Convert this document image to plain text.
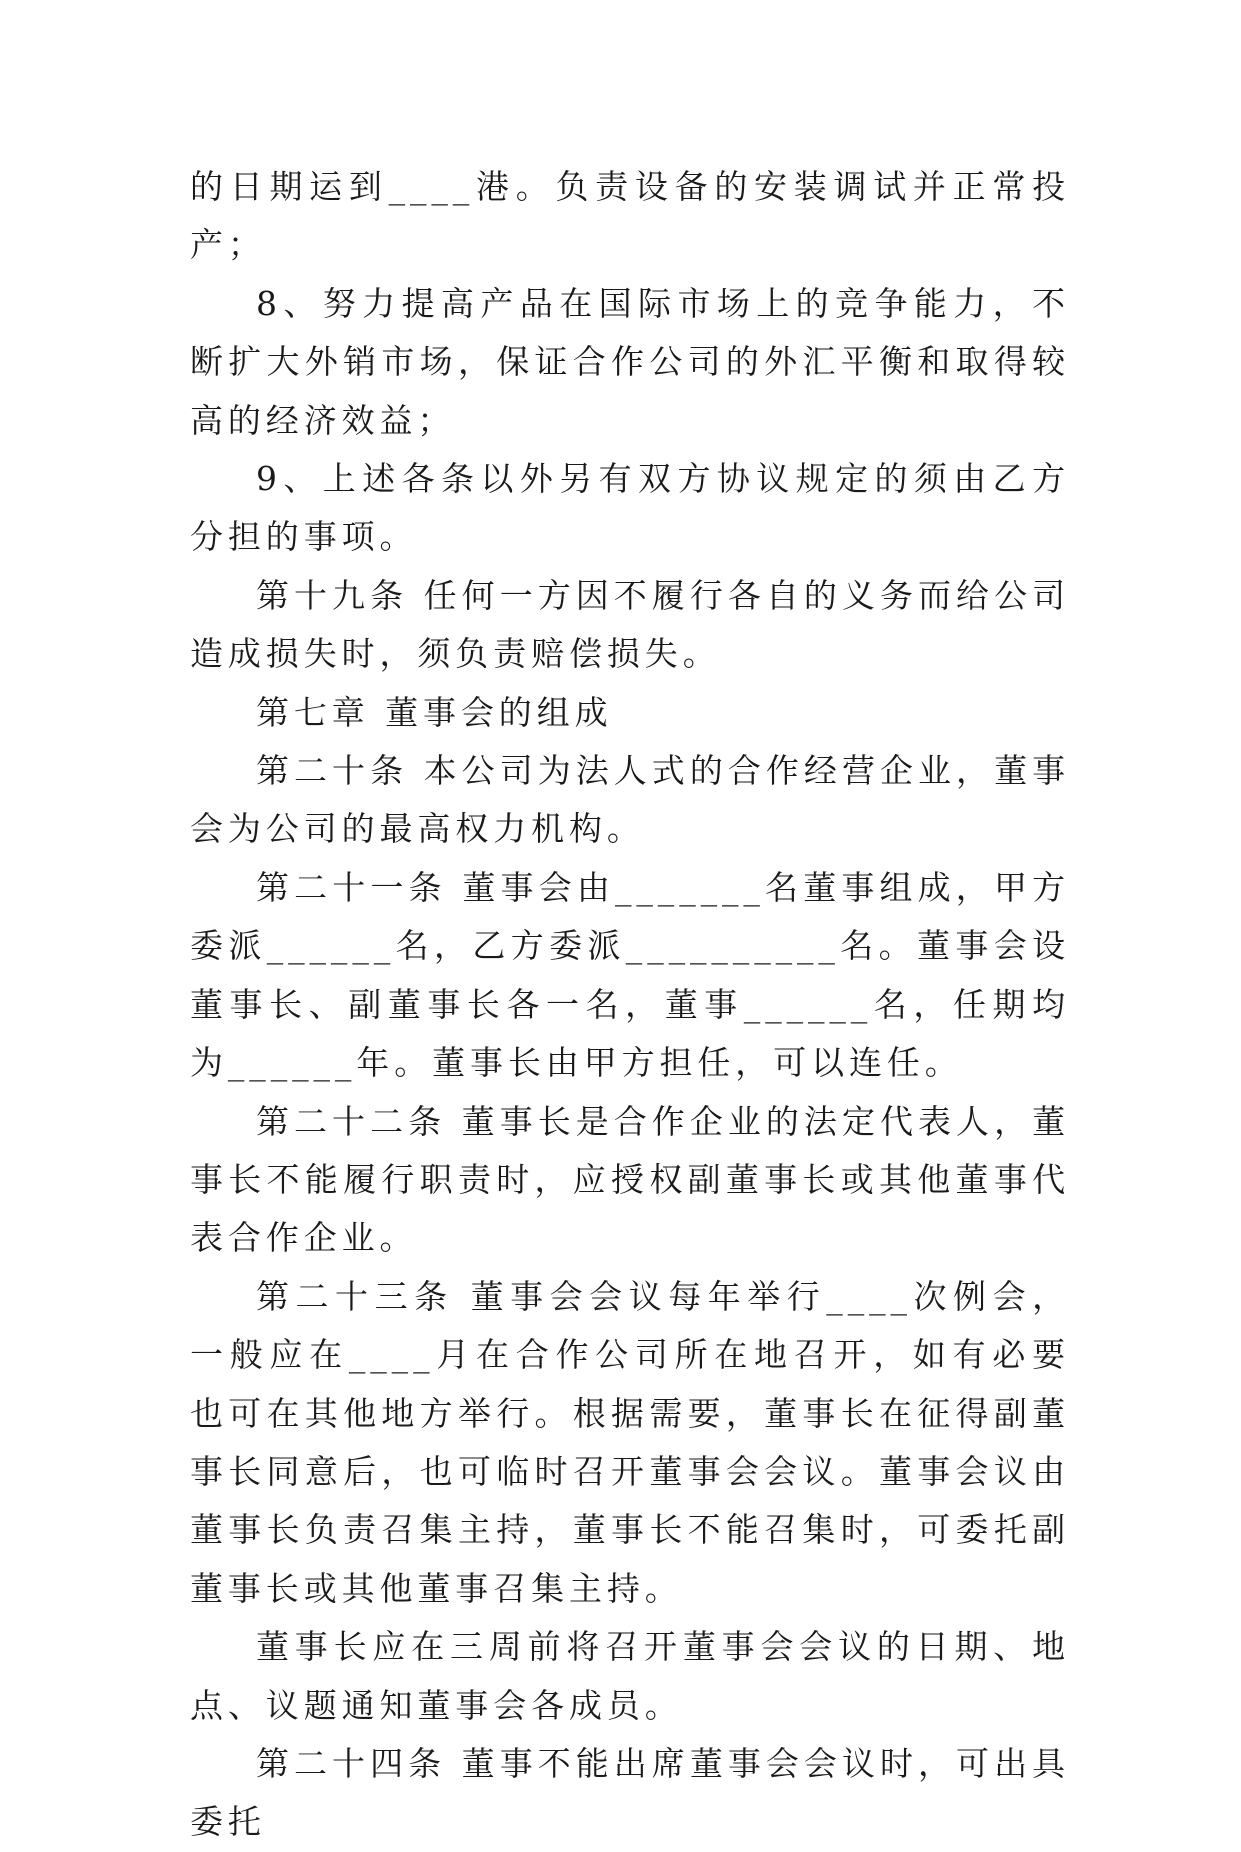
的日期运到____港。负责设备的安装调试并正常投产；

8、努力提高产品在国际市场上的竞争能力，不断扩大外销市场，保证合作公司的外汇平衡和取得较高的经济效益；

9、上述各条以外另有双方协议规定的须由乙方分担的事项。

第十九条 任何一方因不履行各自的义务而给公司造成损失时，须负责赔偿损失。

第七章 董事会的组成

第二十条 本公司为法人式的合作经营企业，董事会为公司的最高权力机构。

第二十一条 董事会由_______名董事组成，甲方委派______名，乙方委派__________名。董事会设董事长、副董事长各一名，董事______名，任期均为______年。董事长由甲方担任，可以连任。

第二十二条 董事长是合作企业的法定代表人，董事长不能履行职责时，应授权副董事长或其他董事代表合作企业。

第二十三条 董事会会议每年举行____次例会，一般应在____月在合作公司所在地召开，如有必要也可在其他地方举行。根据需要，董事长在征得副董事长同意后，也可临时召开董事会会议。董事会议由董事长负责召集主持，董事长不能召集时，可委托副董事长或其他董事召集主持。

董事长应在三周前将召开董事会会议的日期、地点、议题通知董事会各成员。

第二十四条 董事不能出席董事会会议时，可出具委托
